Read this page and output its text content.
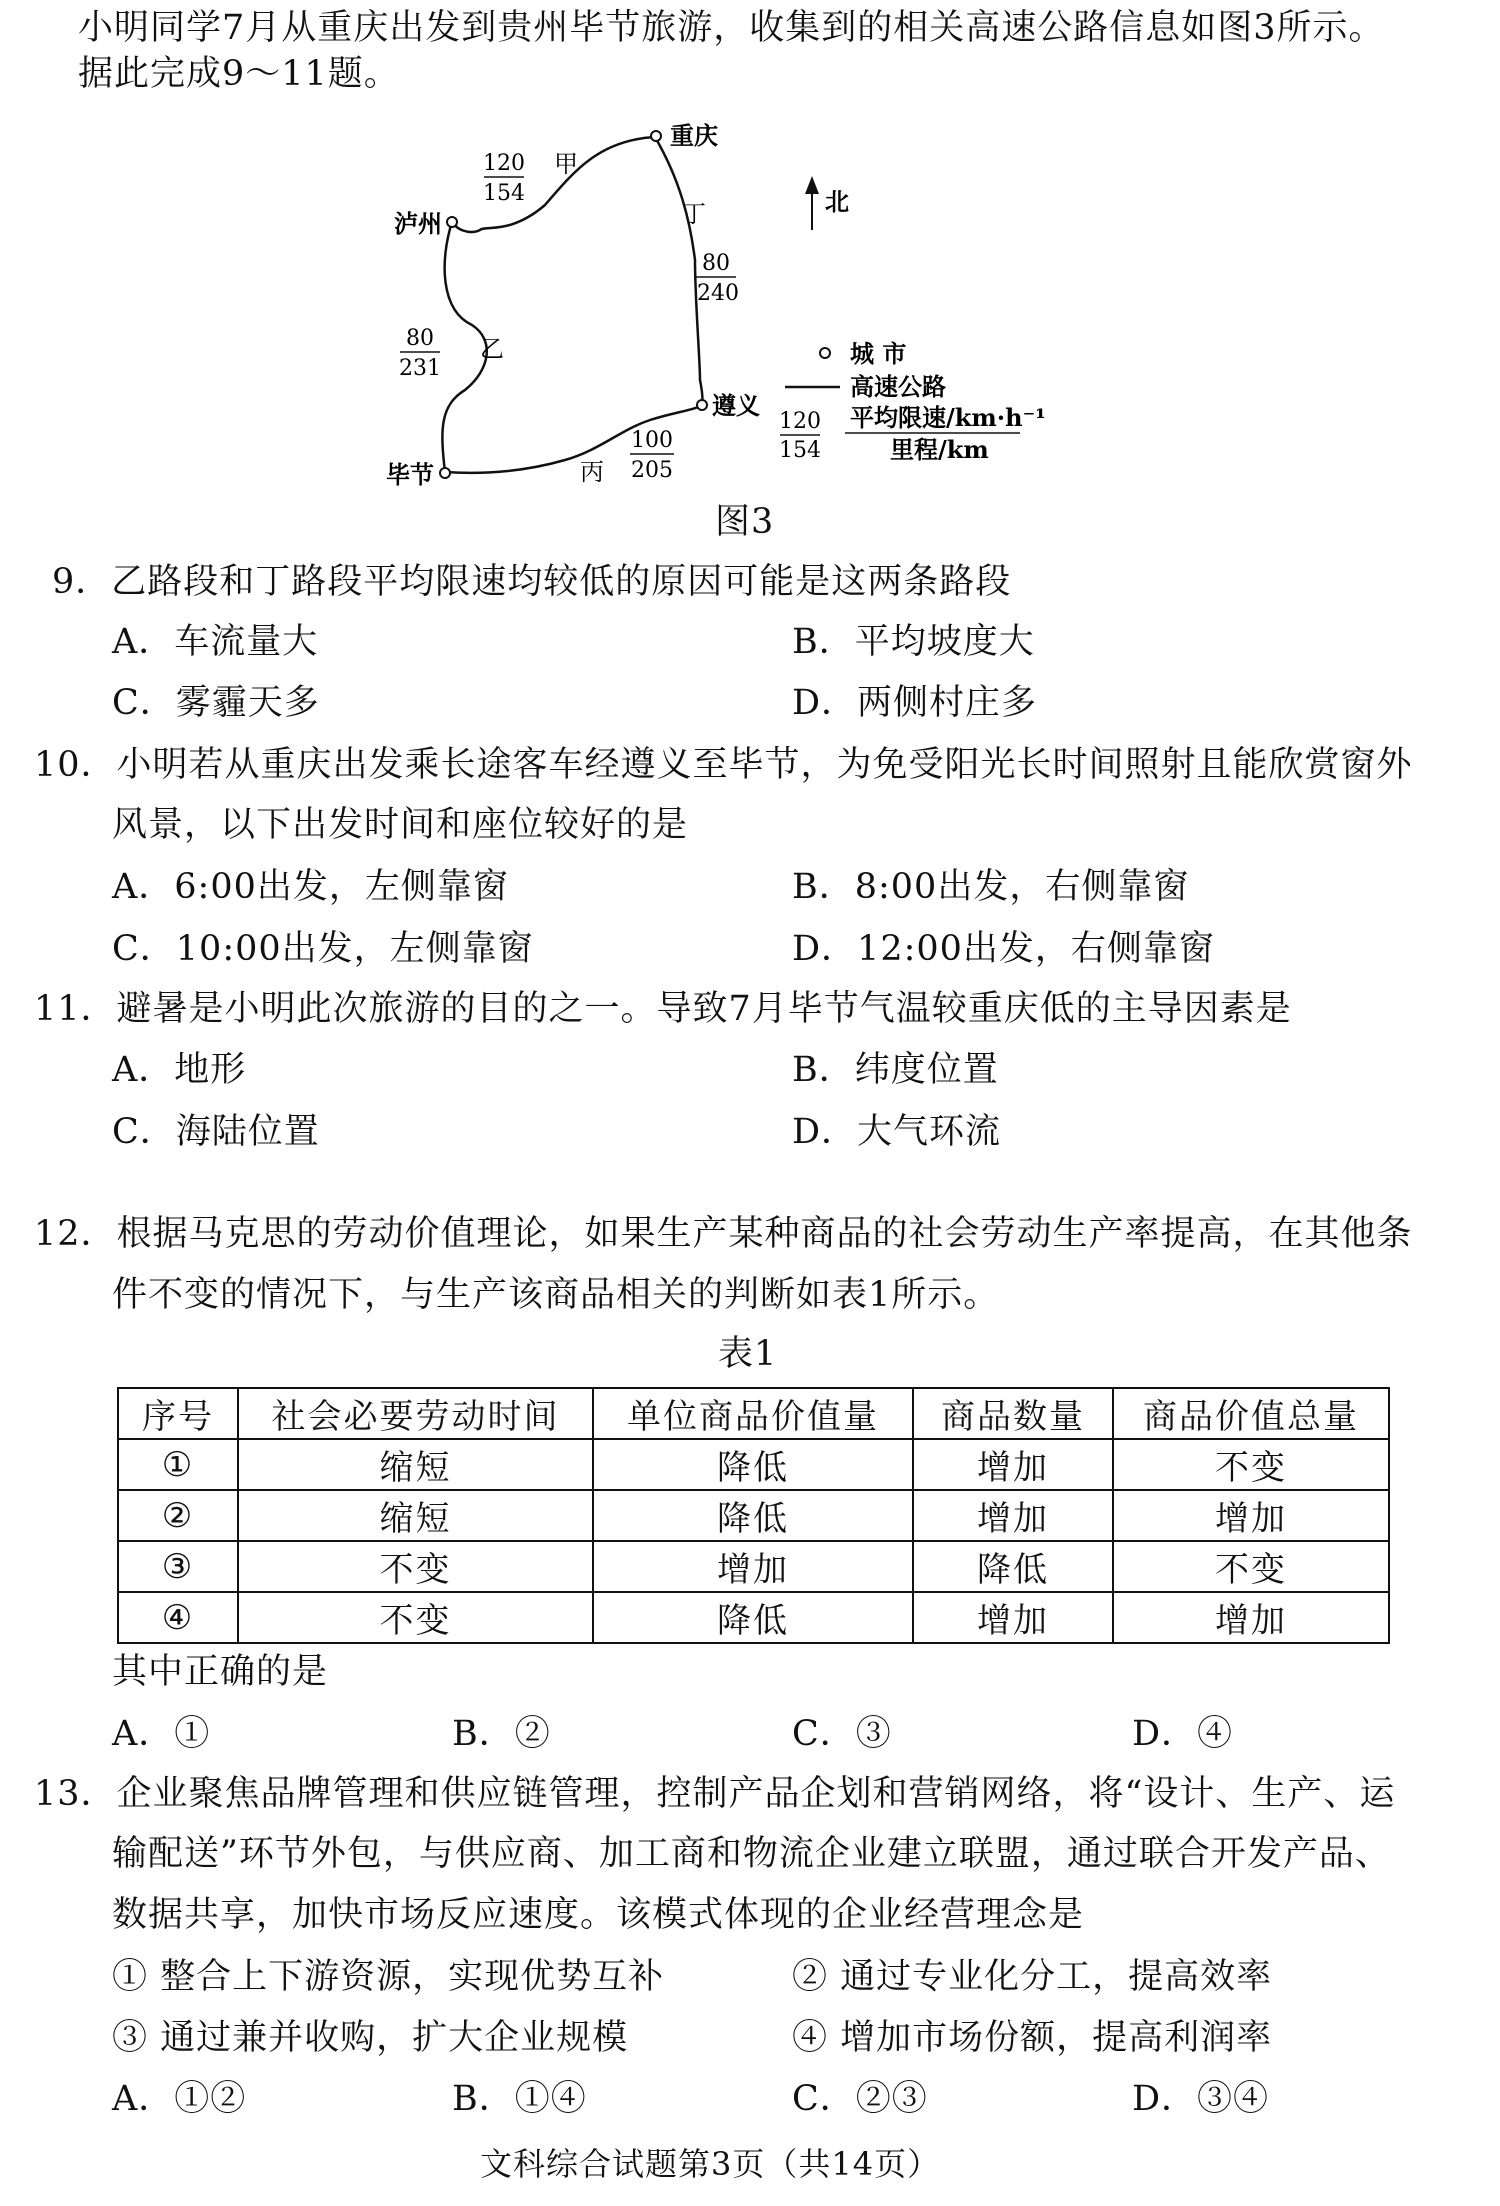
小明同学7月从重庆出发到贵州毕节旅游，收集到的相关高速公路信息如图3所示。
据此完成9～11题。
重庆
泸州
遵义
毕节
120
154
甲
丁
80
240
80
231
乙
100
205
丙
北
城 市
高速公路
120
154
平均限速/km·h⁻¹
里程/km
图3
9．乙路段和丁路段平均限速均较低的原因可能是这两条路段
A．车流量大	B．平均坡度大
C．雾霾天多	D．两侧村庄多
10．小明若从重庆出发乘长途客车经遵义至毕节，为免受阳光长时间照射且能欣赏窗外
风景，以下出发时间和座位较好的是
A．6:00出发，左侧靠窗	B．8:00出发，右侧靠窗
C．10:00出发，左侧靠窗	D．12:00出发，右侧靠窗
11．避暑是小明此次旅游的目的之一。导致7月毕节气温较重庆低的主导因素是
A．地形	B．纬度位置
C．海陆位置	D．大气环流
12．根据马克思的劳动价值理论，如果生产某种商品的社会劳动生产率提高，在其他条
件不变的情况下，与生产该商品相关的判断如表1所示。
表1
序号	社会必要劳动时间	单位商品价值量	商品数量	商品价值总量
①	缩短	降低	增加	不变
②	缩短	降低	增加	增加
③	不变	增加	降低	不变
④	不变	降低	增加	增加
其中正确的是
A．①	B．②	C．③	D．④
13．企业聚焦品牌管理和供应链管理，控制产品企划和营销网络，将“设计、生产、运
输配送”环节外包，与供应商、加工商和物流企业建立联盟，通过联合开发产品、
数据共享，加快市场反应速度。该模式体现的企业经营理念是
① 整合上下游资源，实现优势互补	② 通过专业化分工，提高效率
③ 通过兼并收购，扩大企业规模	④ 增加市场份额，提高利润率
A．①②	B．①④	C．②③	D．③④
文科综合试题第3页（共14页）
